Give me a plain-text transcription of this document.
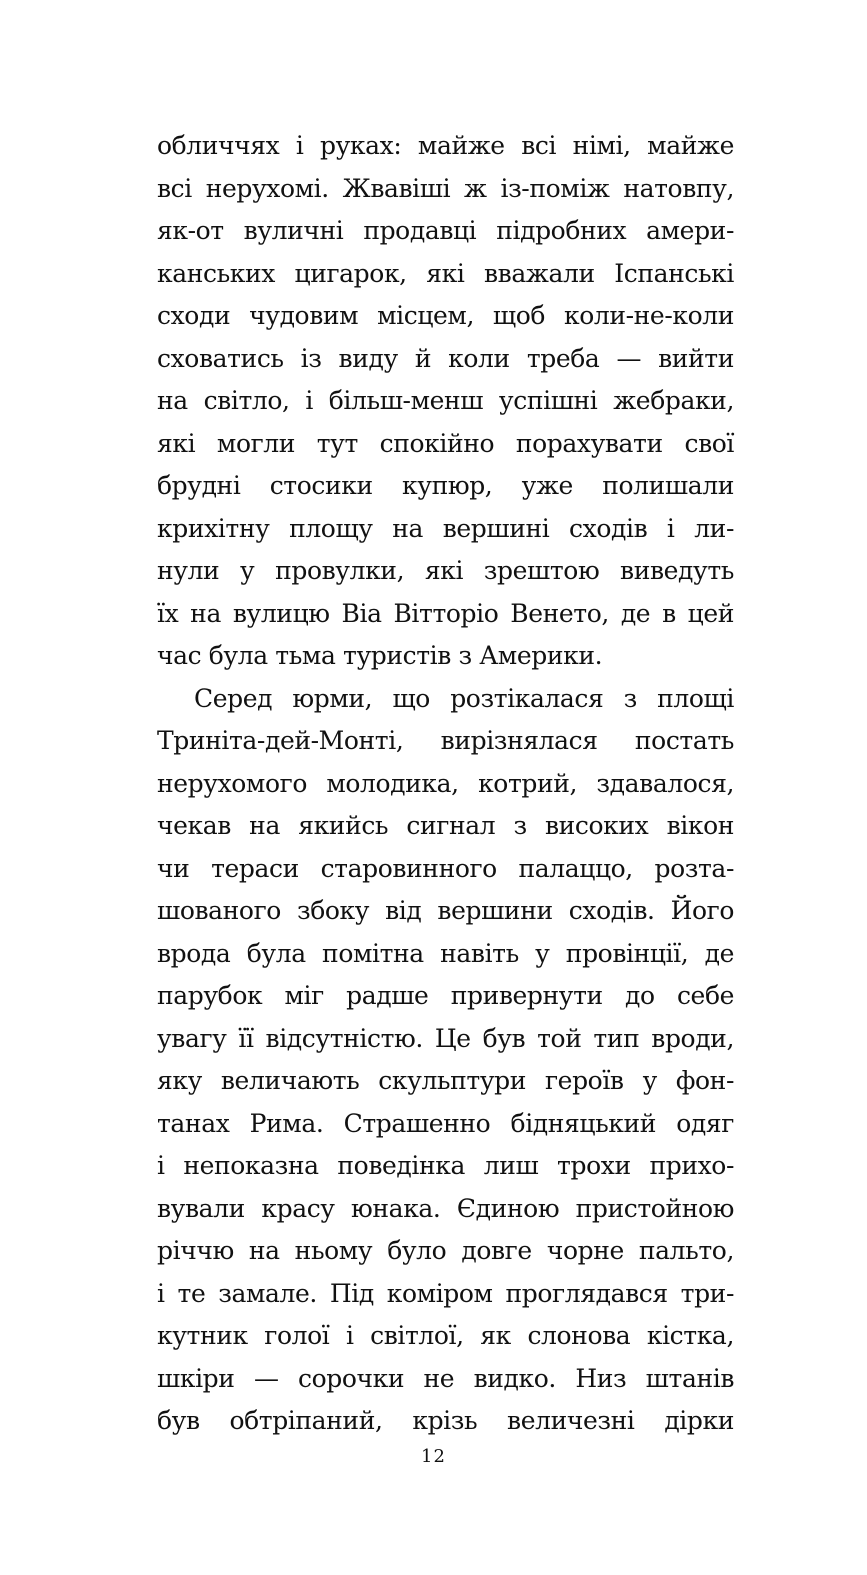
обличчях і руках: майже всі німі, майже
всі нерухомі. Жвавіші ж із-поміж натовпу,
як-от вуличні продавці підробних амери-
канських цигарок, які вважали Іспанські
сходи чудовим місцем, щоб коли-не-коли
сховатись із виду й коли треба — вийти
на світло, і більш-менш успішні жебраки,
які могли тут спокійно порахувати свої
брудні стосики купюр, уже полишали
крихітну площу на вершині сходів і ли-
нули у провулки, які зрештою виведуть
їх на вулицю Віа Вітторіо Венето, де в цей
час була тьма туристів з Америки.
Серед юрми, що розтікалася з площі
Триніта-дей-Монті, вирізнялася постать
нерухомого молодика, котрий, здавалося,
чекав на якийсь сигнал з високих вікон
чи тераси старовинного палаццо, розта-
шованого збоку від вершини сходів. Його
врода була помітна навіть у провінції, де
парубок міг радше привернути до себе
увагу її відсутністю. Це був той тип вроди,
яку величають скульптури героїв у фон-
танах Рима. Страшенно бідняцький одяг
і непоказна поведінка лиш трохи прихо-
вували красу юнака. Єдиною пристойною
річчю на ньому було довге чорне пальто,
і те замале. Під коміром проглядався три-
кутник голої і світлої, як слонова кістка,
шкіри — сорочки не видко. Низ штанів
був обтріпаний, крізь величезні дірки
12
